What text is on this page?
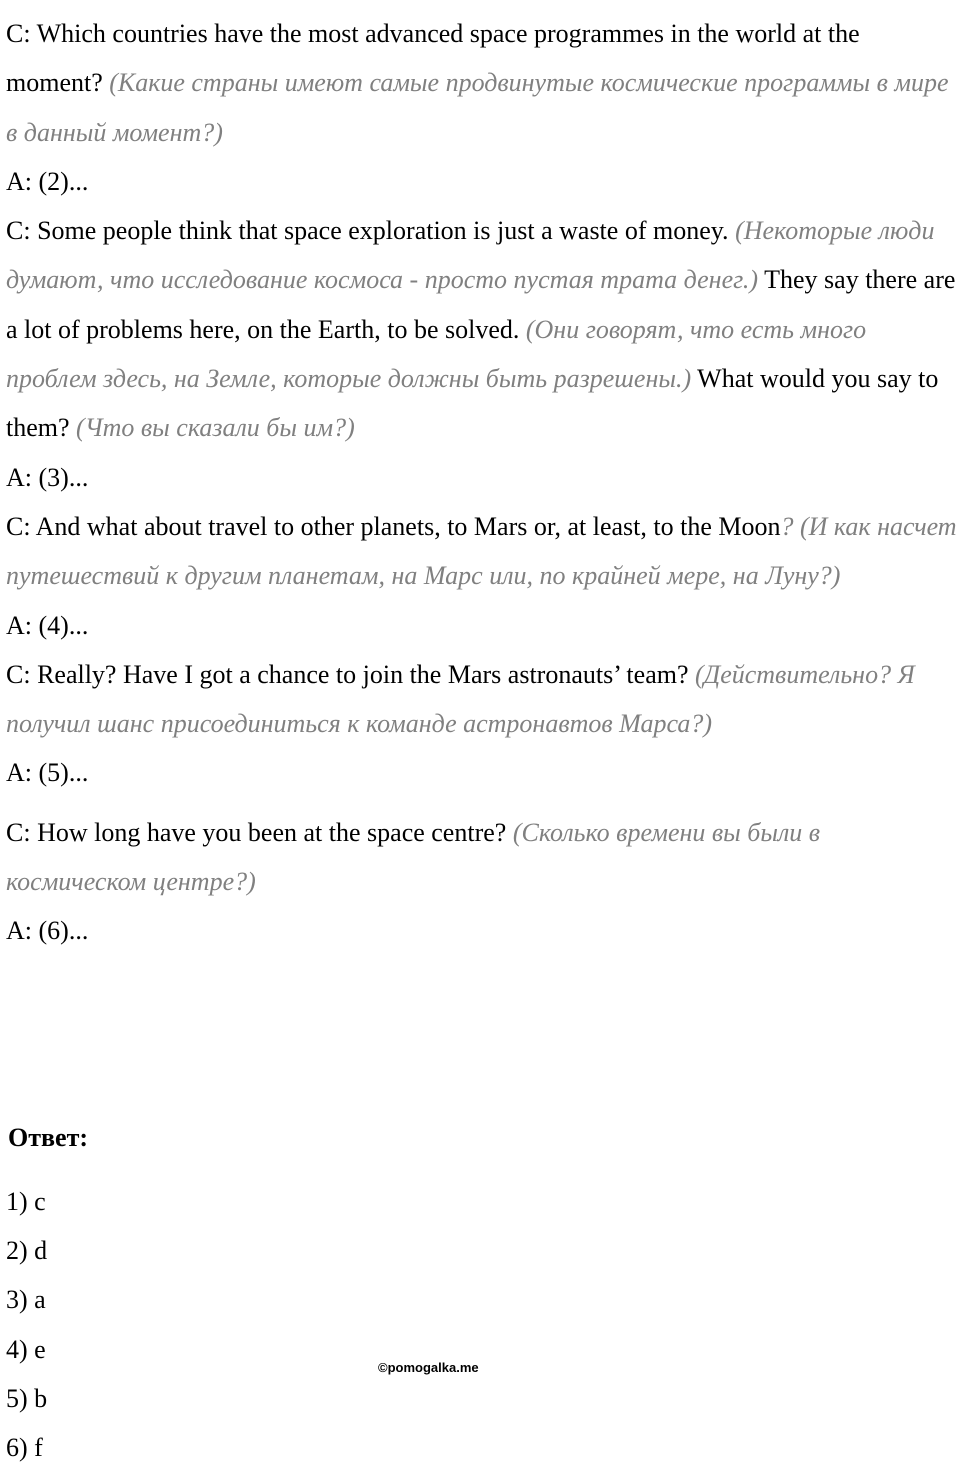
C: Which countries have the most advanced space programmes in the world at the moment? (Какие страны имеют самые продвинутые космические программы в мире в данный момент?)

A: (2)...

C: Some people think that space exploration is just a waste of money. (Некоторые люди думают, что исследование космоса - просто пустая трата денег.) They say there are a lot of problems here, on the Earth, to be solved. (Они говорят, что есть много проблем здесь, на Земле, которые должны быть разрешены.) What would you say to them? (Что вы сказали бы им?)

A: (3)...

C: And what about travel to other planets, to Mars or, at least, to the Moon? (И как насчет путешествий к другим планетам, на Марс или, по крайней мере, на Луну?)

A: (4)...

C: Really? Have I got a chance to join the Mars astronauts’ team? (Действительно? Я получил шанс присоединиться к команде астронавтов Марса?)

A: (5)...

C: How long have you been at the space centre? (Сколько времени вы были в космическом центре?)

A: (6)...

Ответ:
1) c
2) d
3) a
4) e
5) b
6) f
©pomogalka.me
